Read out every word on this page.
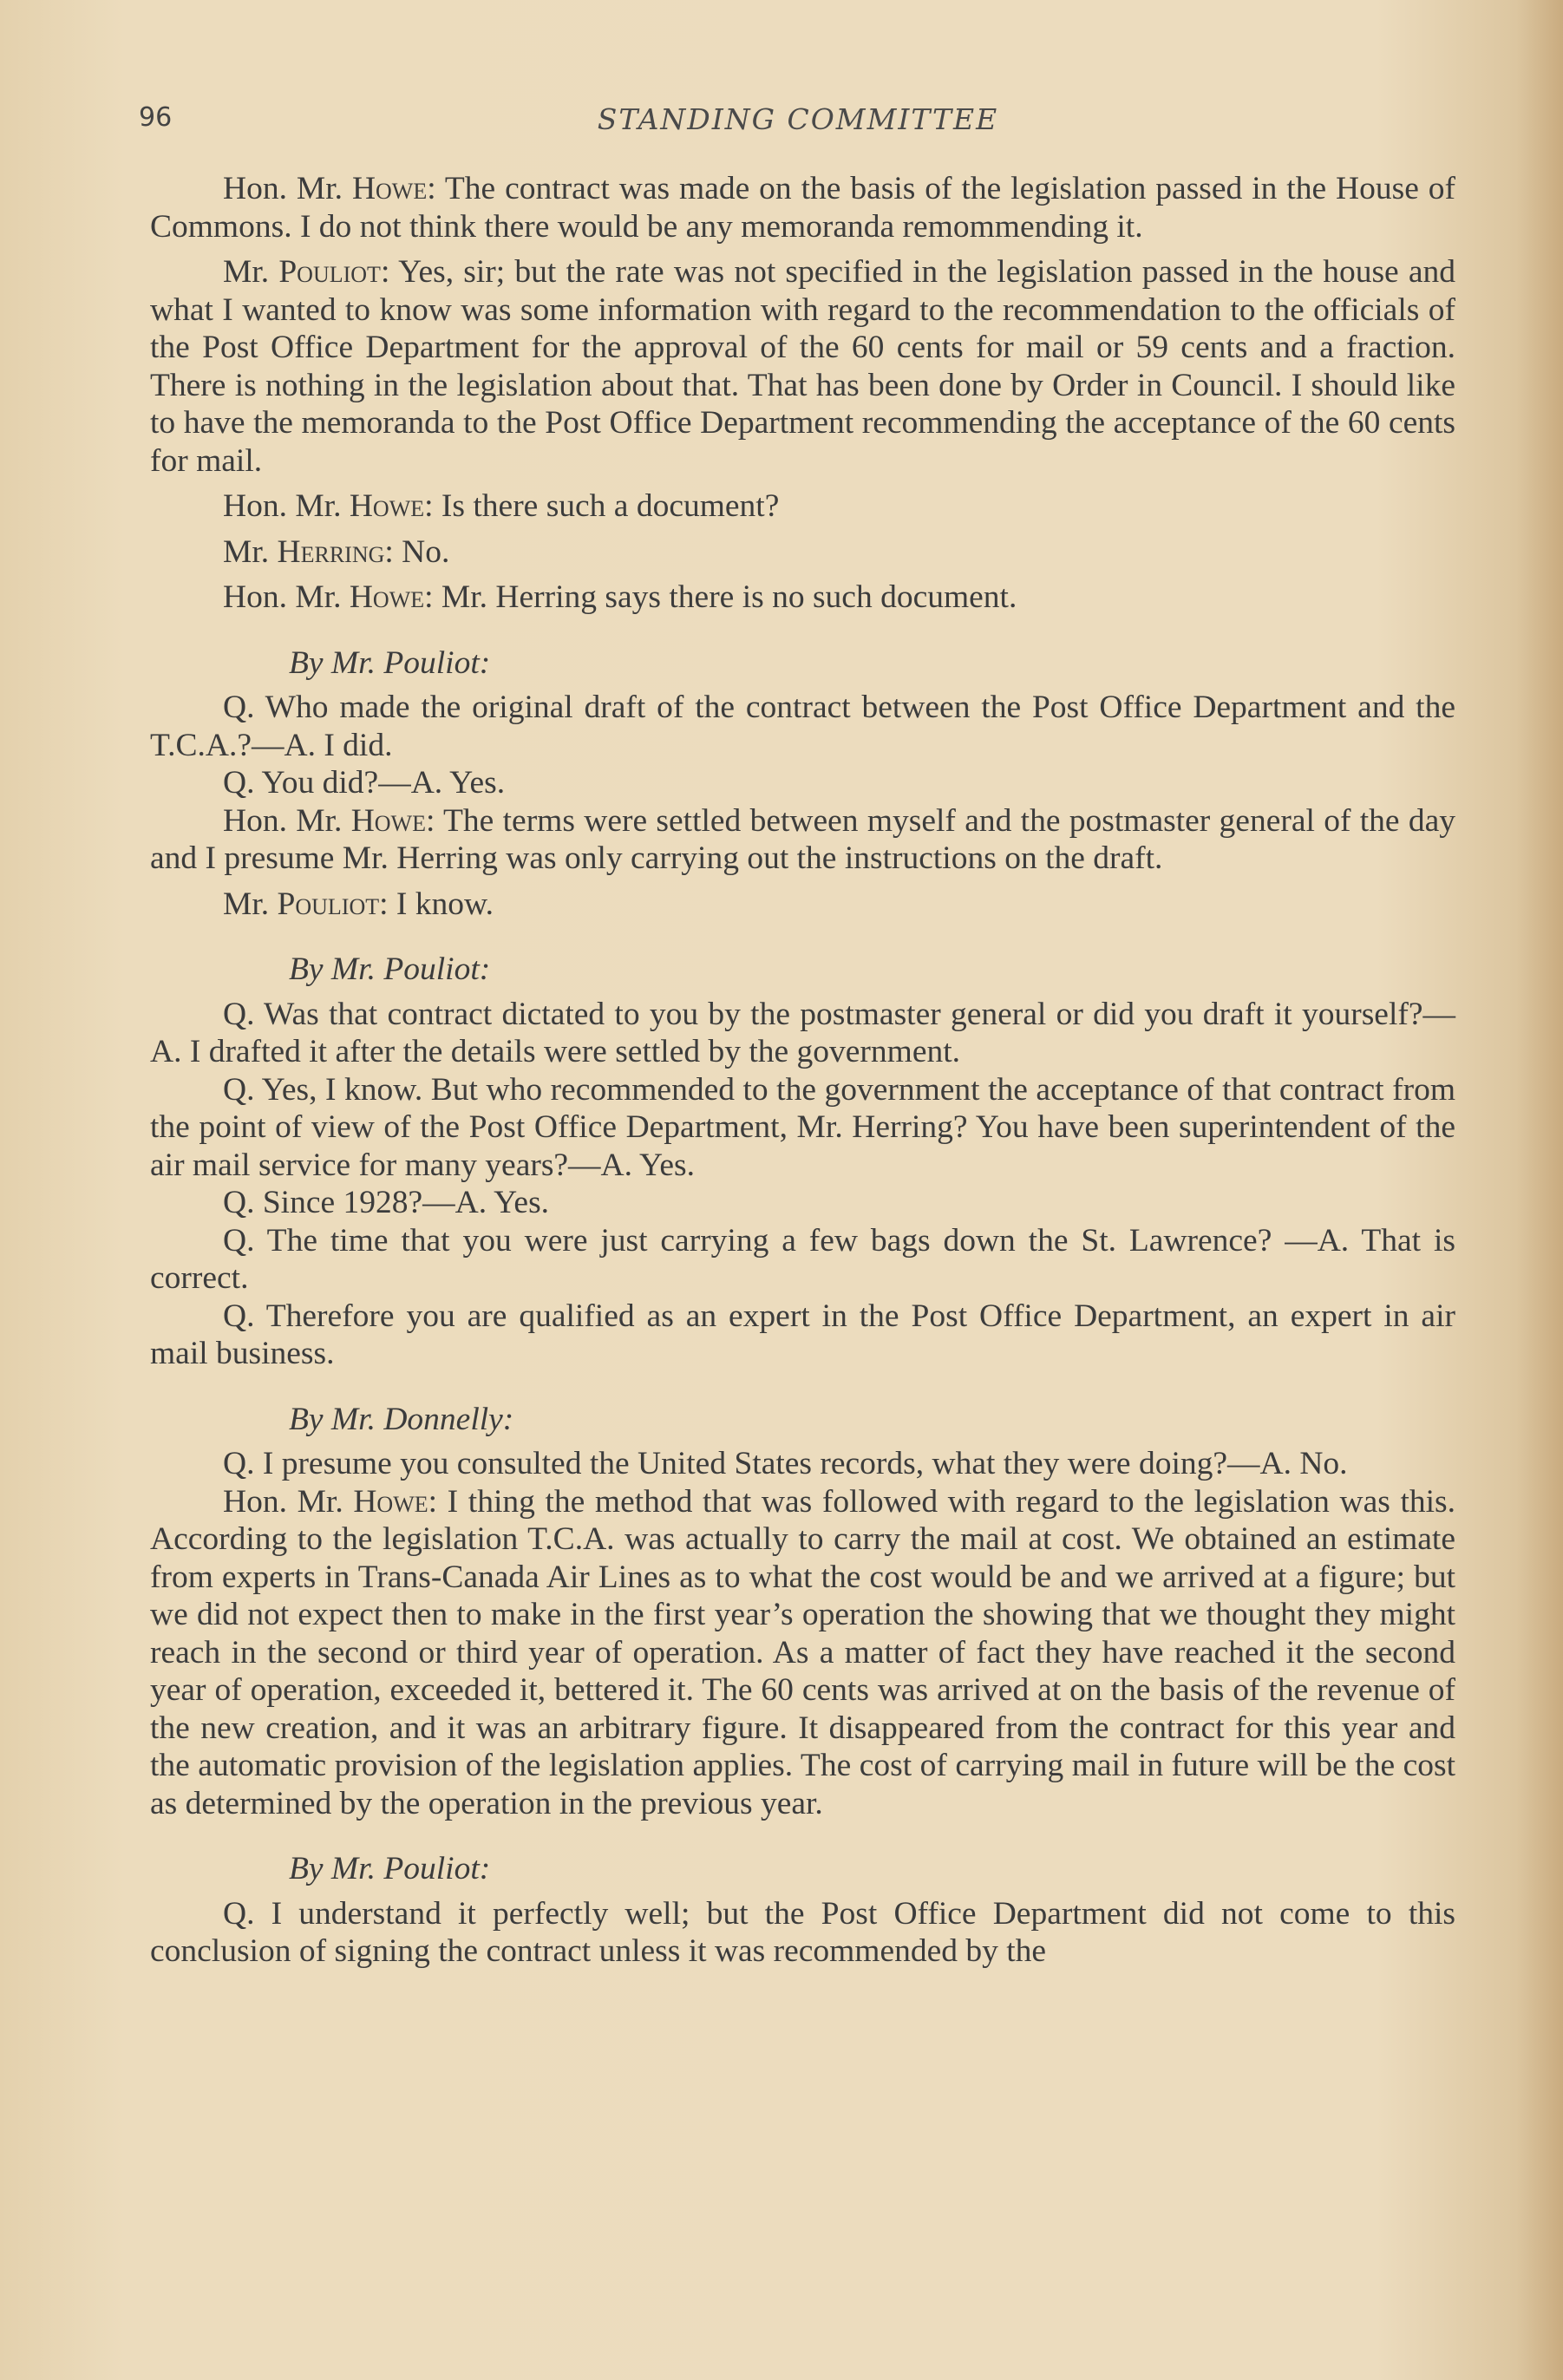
96	STANDING COMMITTEE

Hon. Mr. Howe: The contract was made on the basis of the legislation passed in the House of Commons. I do not think there would be any memoranda remommending it.

Mr. Pouliot: Yes, sir; but the rate was not specified in the legislation passed in the house and what I wanted to know was some information with regard to the recommendation to the officials of the Post Office Department for the approval of the 60 cents for mail or 59 cents and a fraction. There is nothing in the legislation about that. That has been done by Order in Council. I should like to have the memoranda to the Post Office Department recommending the acceptance of the 60 cents for mail.

Hon. Mr. Howe: Is there such a document?

Mr. Herring: No.

Hon. Mr. Howe: Mr. Herring says there is no such document.

By Mr. Pouliot:

Q. Who made the original draft of the contract between the Post Office Department and the T.C.A.?—A. I did.

Q. You did?—A. Yes.

Hon. Mr. Howe: The terms were settled between myself and the postmaster general of the day and I presume Mr. Herring was only carrying out the instructions on the draft.

Mr. Pouliot: I know.

By Mr. Pouliot:

Q. Was that contract dictated to you by the postmaster general or did you draft it yourself?—A. I drafted it after the details were settled by the government.

Q. Yes, I know. But who recommended to the government the acceptance of that contract from the point of view of the Post Office Department, Mr. Herring? You have been superintendent of the air mail service for many years?—A. Yes.

Q. Since 1928?—A. Yes.

Q. The time that you were just carrying a few bags down the St. Lawrence? —A. That is correct.

Q. Therefore you are qualified as an expert in the Post Office Department, an expert in air mail business.

By Mr. Donnelly:

Q. I presume you consulted the United States records, what they were doing?—A. No.

Hon. Mr. Howe: I thing the method that was followed with regard to the legislation was this. According to the legislation T.C.A. was actually to carry the mail at cost. We obtained an estimate from experts in Trans-Canada Air Lines as to what the cost would be and we arrived at a figure; but we did not expect then to make in the first year’s operation the showing that we thought they might reach in the second or third year of operation. As a matter of fact they have reached it the second year of operation, exceeded it, bettered it. The 60 cents was arrived at on the basis of the revenue of the new creation, and it was an arbitrary figure. It disappeared from the contract for this year and the automatic provision of the legislation applies. The cost of carrying mail in future will be the cost as determined by the operation in the previous year.

By Mr. Pouliot:

Q. I understand it perfectly well; but the Post Office Department did not come to this conclusion of signing the contract unless it was recommended by the
